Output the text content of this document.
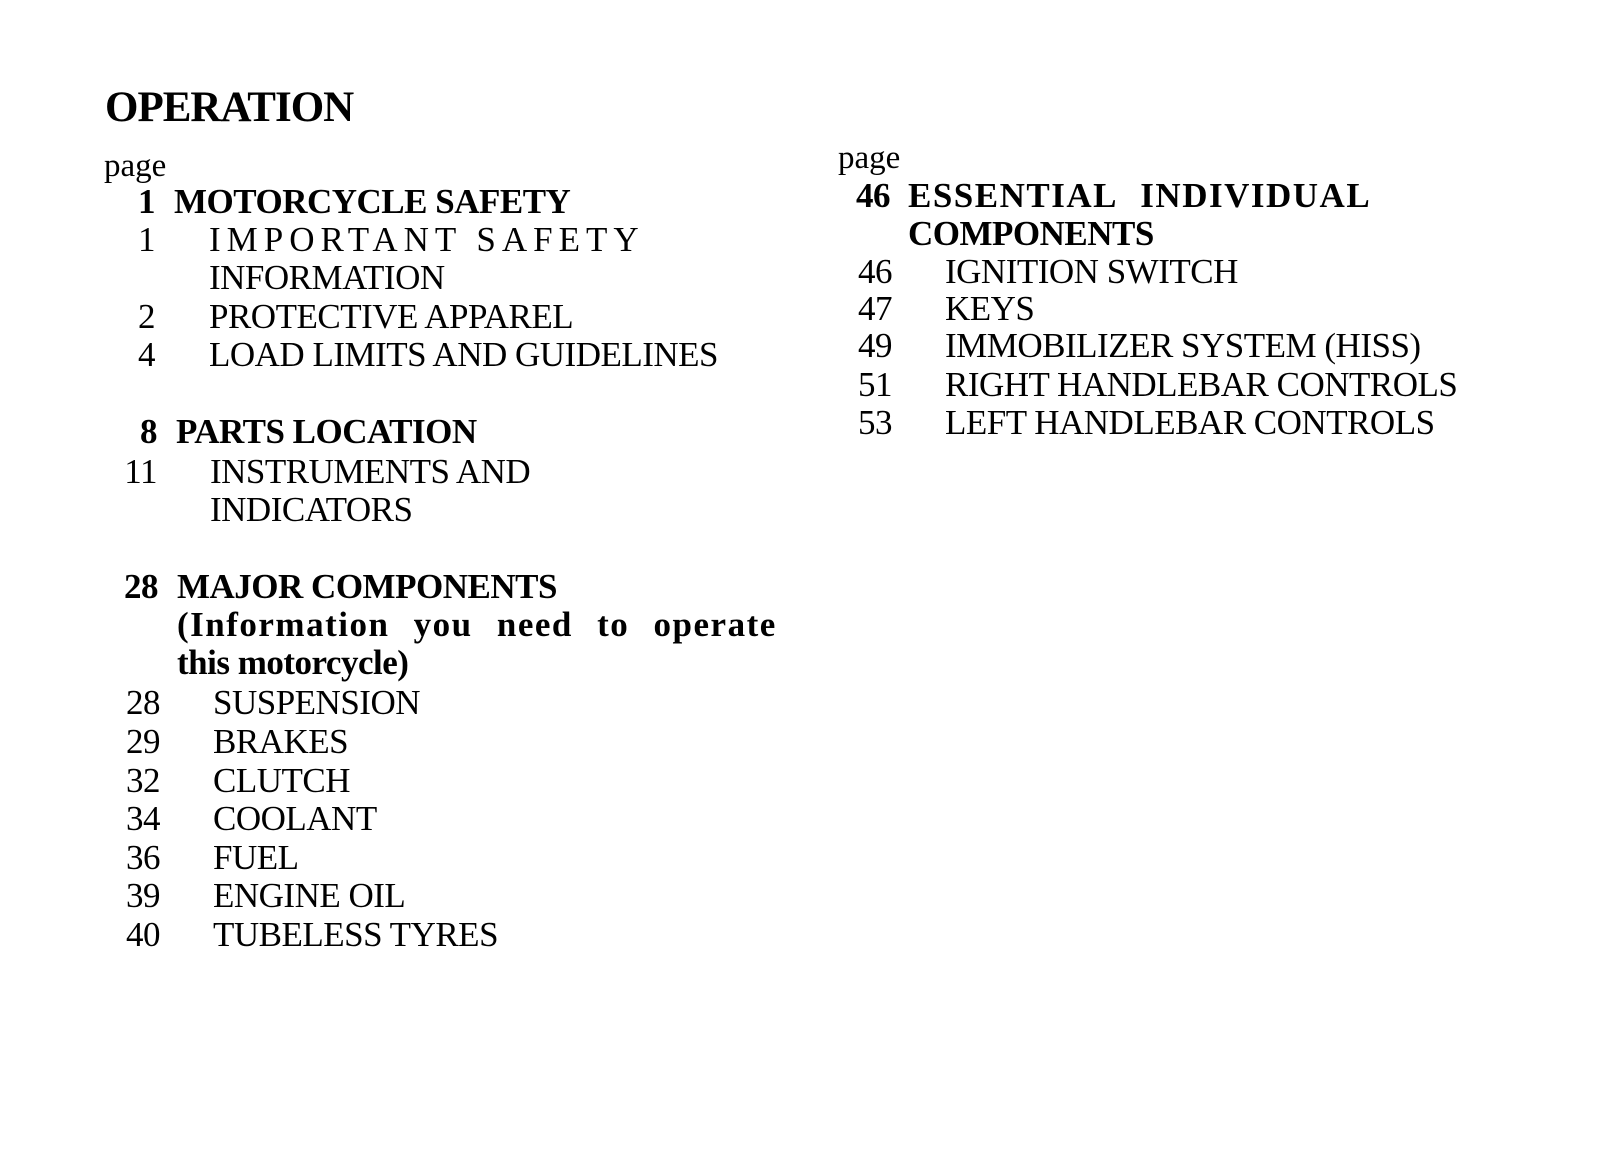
OPERATION
page
1 MOTORCYCLE SAFETY
1 IMPORTANT SAFETY
INFORMATION
2 PROTECTIVE APPAREL
4 LOAD LIMITS AND GUIDELINES
8 PARTS LOCATION
11 INSTRUMENTS AND
INDICATORS
28 MAJOR COMPONENTS
(Information you need to operate
this motorcycle)
28 SUSPENSION
29 BRAKES
32 CLUTCH
34 COOLANT
36 FUEL
39 ENGINE OIL
40 TUBELESS TYRES
page
46 ESSENTIAL INDIVIDUAL
COMPONENTS
46 IGNITION SWITCH
47 KEYS
49 IMMOBILIZER SYSTEM (HISS)
51 RIGHT HANDLEBAR CONTROLS
53 LEFT HANDLEBAR CONTROLS
